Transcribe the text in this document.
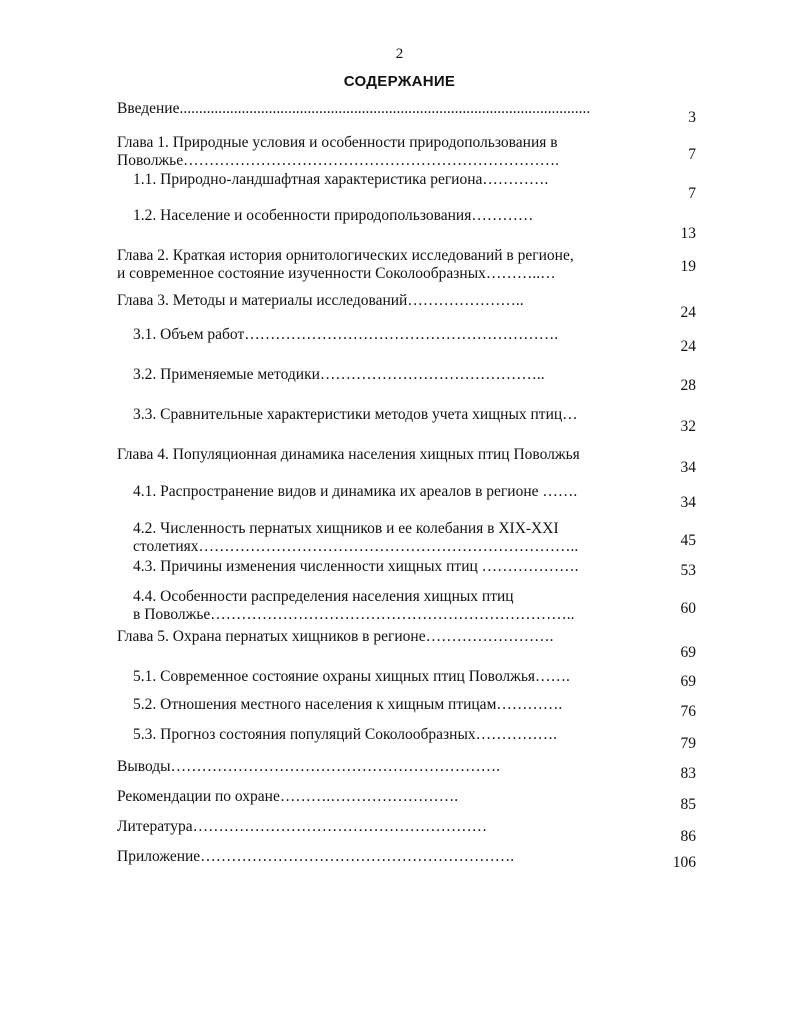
2
СОДЕРЖАНИЕ
Введение..........................................................................................................	3

Глава 1. Природные условия и особенности природопользования в
Поволжье……………………………………………………………….	7

1.1. Природно-ландшафтная характеристика региона………….	7

1.2. Население и особенности природопользования…………	13

Глава 2. Краткая история орнитологических исследований в регионе,
и современное состояние изученности Соколообразных………..…	19

Глава 3. Методы и материалы исследований…………………..	24

3.1. Объем работ…………………………………………………….	24

3.2. Применяемые методики……………………………………..	28

3.3. Сравнительные характеристики методов учета хищных птиц…	32

Глава 4. Популяционная динамика населения хищных птиц Поволжья	34

4.1. Распространение видов и динамика их ареалов в регионе …….	34

4.2. Численность пернатых хищников и ее колебания в XIX-XXI
столетиях………………………………………………………………..	45

4.3. Причины изменения численности хищных птиц ……………….	53

4.4. Особенности распределения населения хищных птиц
в Поволжье……………………………………………………………..	60

Глава 5. Охрана пернатых хищников в регионе…………………….	69

5.1. Современное состояние охраны хищных птиц Поволжья…….	69

5.2. Отношения местного населения к хищным птицам………….	76

5.3. Прогноз состояния популяций Соколообразных…………….	79

Выводы……………………………………………………….	83

Рекомендации по охране……….…………………….	85

Литература…………………………………………………	86

Приложение…………………………………………………….	106
